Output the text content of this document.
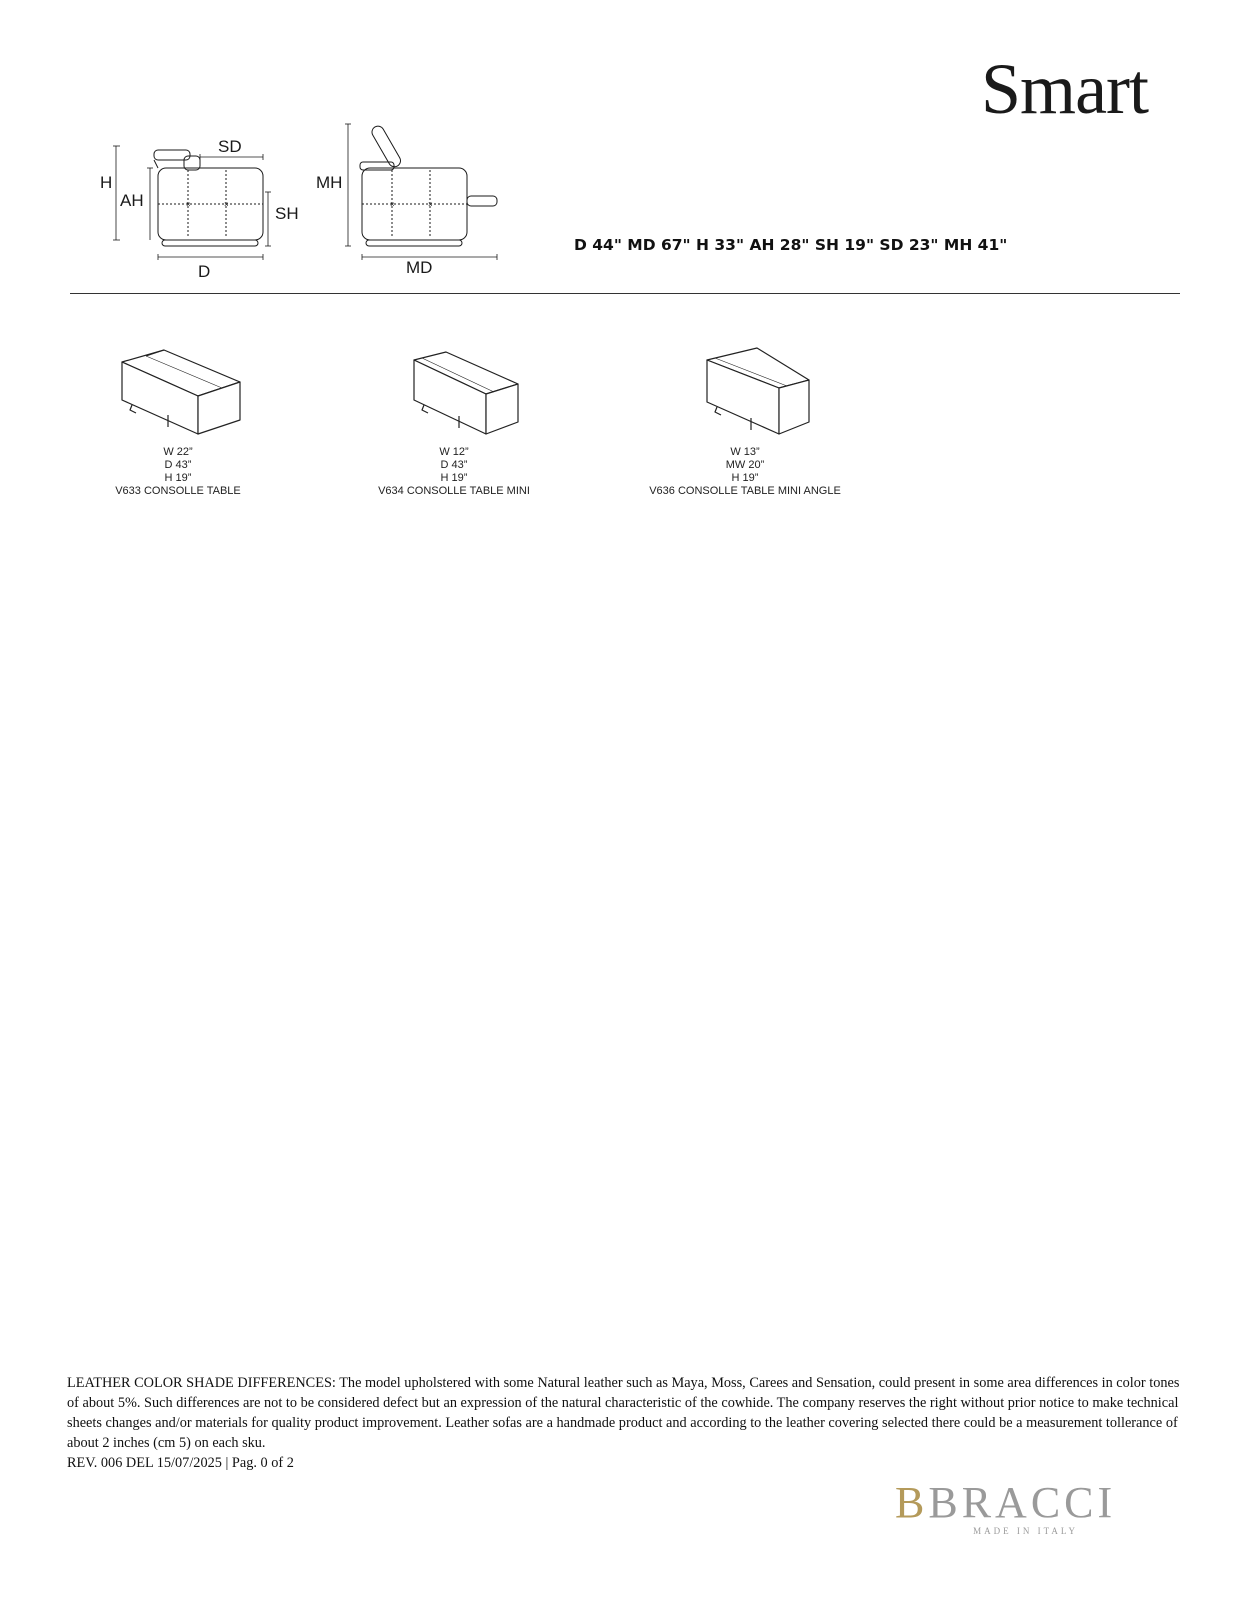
Smart
×	×	×	×
H
AH
SD
SH
D
MH
MD
D 44" MD 67" H 33" AH 28" SH 19" SD 23" MH 41"
W 22”
D 43”
H 19”
V633 CONSOLLE TABLE
W 12”
D 43”
H 19”
V634 CONSOLLE TABLE MINI
W 13”
MW 20”
H 19”
V636 CONSOLLE TABLE MINI ANGLE

LEATHER COLOR SHADE DIFFERENCES: The model upholstered with some Natural leather such as Maya, Moss, Carees and Sensation, could present in some area differences in color tones of about 5%. Such differences are not to be considered defect but an expression of the natural characteristic of the cowhide. The company reserves the right without prior notice to make technical sheets changes and/or materials for quality product improvement. Leather sofas are a handmade product and according to the leather covering selected there could be a measurement tollerance of about 2 inches (cm 5) on each sku.

REV. 006 DEL 15/07/2025 | Pag. 0 of 2

BBRACCI
MADE IN ITALY
